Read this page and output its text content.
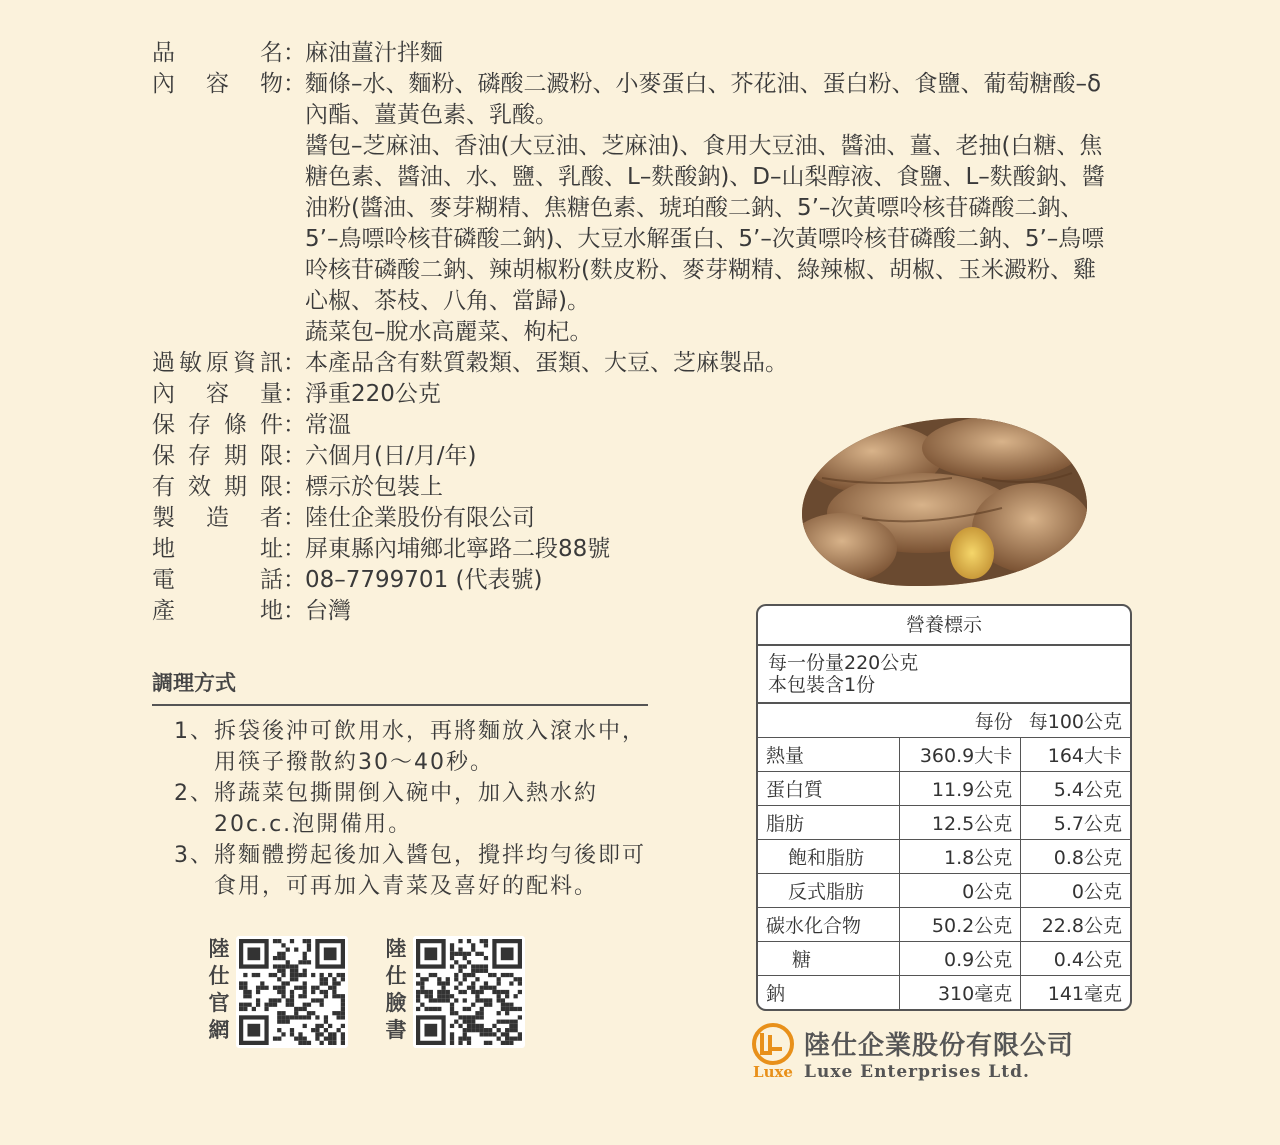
品	名 ： 麻油薑汁拌麵

內 容 物 ： 麵條–水、麵粉、磷酸二澱粉、小麥蛋白、芥花油、蛋白粉、食鹽、葡萄糖酸–δ內酯、薑黃色素、乳酸。

醬包–芝麻油、香油(大豆油、芝麻油)、食用大豆油、醬油、薑、老抽(白糖、焦糖色素、醬油、水、鹽、乳酸、L–麩酸鈉)、D–山梨醇液、食鹽、L–麩酸鈉、醬油粉(醬油、麥芽糊精、焦糖色素、琥珀酸二鈉、5’–次黃嘌呤核苷磷酸二鈉、5’–鳥嘌呤核苷磷酸二鈉)、大豆水解蛋白、5’–次黃嘌呤核苷磷酸二鈉、5’–鳥嘌呤核苷磷酸二鈉、辣胡椒粉(麩皮粉、麥芽糊精、綠辣椒、胡椒、玉米澱粉、雞心椒、茶枝、八角、當歸)。

蔬菜包–脫水高麗菜、枸杞。

過 敏 原 資 訊 ： 本產品含有麩質穀類、蛋類、大豆、芝麻製品。

內 容 量 ： 淨重220公克

保 存 條 件 ： 常溫

保 存 期 限 ： 六個月(日/月/年)

有 效 期 限 ： 標示於包裝上

製 造 者 ： 陸仕企業股份有限公司

地	址 ： 屏東縣內埔鄉北寧路二段88號

電	話 ： 08–7799701 (代表號)

產	地 ： 台灣

調理方式
1、 拆袋後沖可飲用水，再將麵放入滾水中，用筷子撥散約30～40秒。
2、 將蔬菜包撕開倒入碗中，加入熱水約20c.c.泡開備用。
3、 將麵體撈起後加入醬包，攪拌均勻後即可食用，可再加入青菜及喜好的配料。
陸
仕
官
網
陸
仕
臉
書
營養標示
每一份量220公克
本包裝含1份
	每份	每100公克
熱量	360.9大卡	164大卡
蛋白質	11.9公克	5.4公克
脂肪	12.5公克	5.7公克
飽和脂肪	1.8公克	0.8公克
反式脂肪	0公克	0公克
碳水化合物	50.2公克	22.8公克
糖	0.9公克	0.4公克
鈉	310毫克	141毫克
Luxe
陸仕企業股份有限公司
Luxe Enterprises Ltd.
